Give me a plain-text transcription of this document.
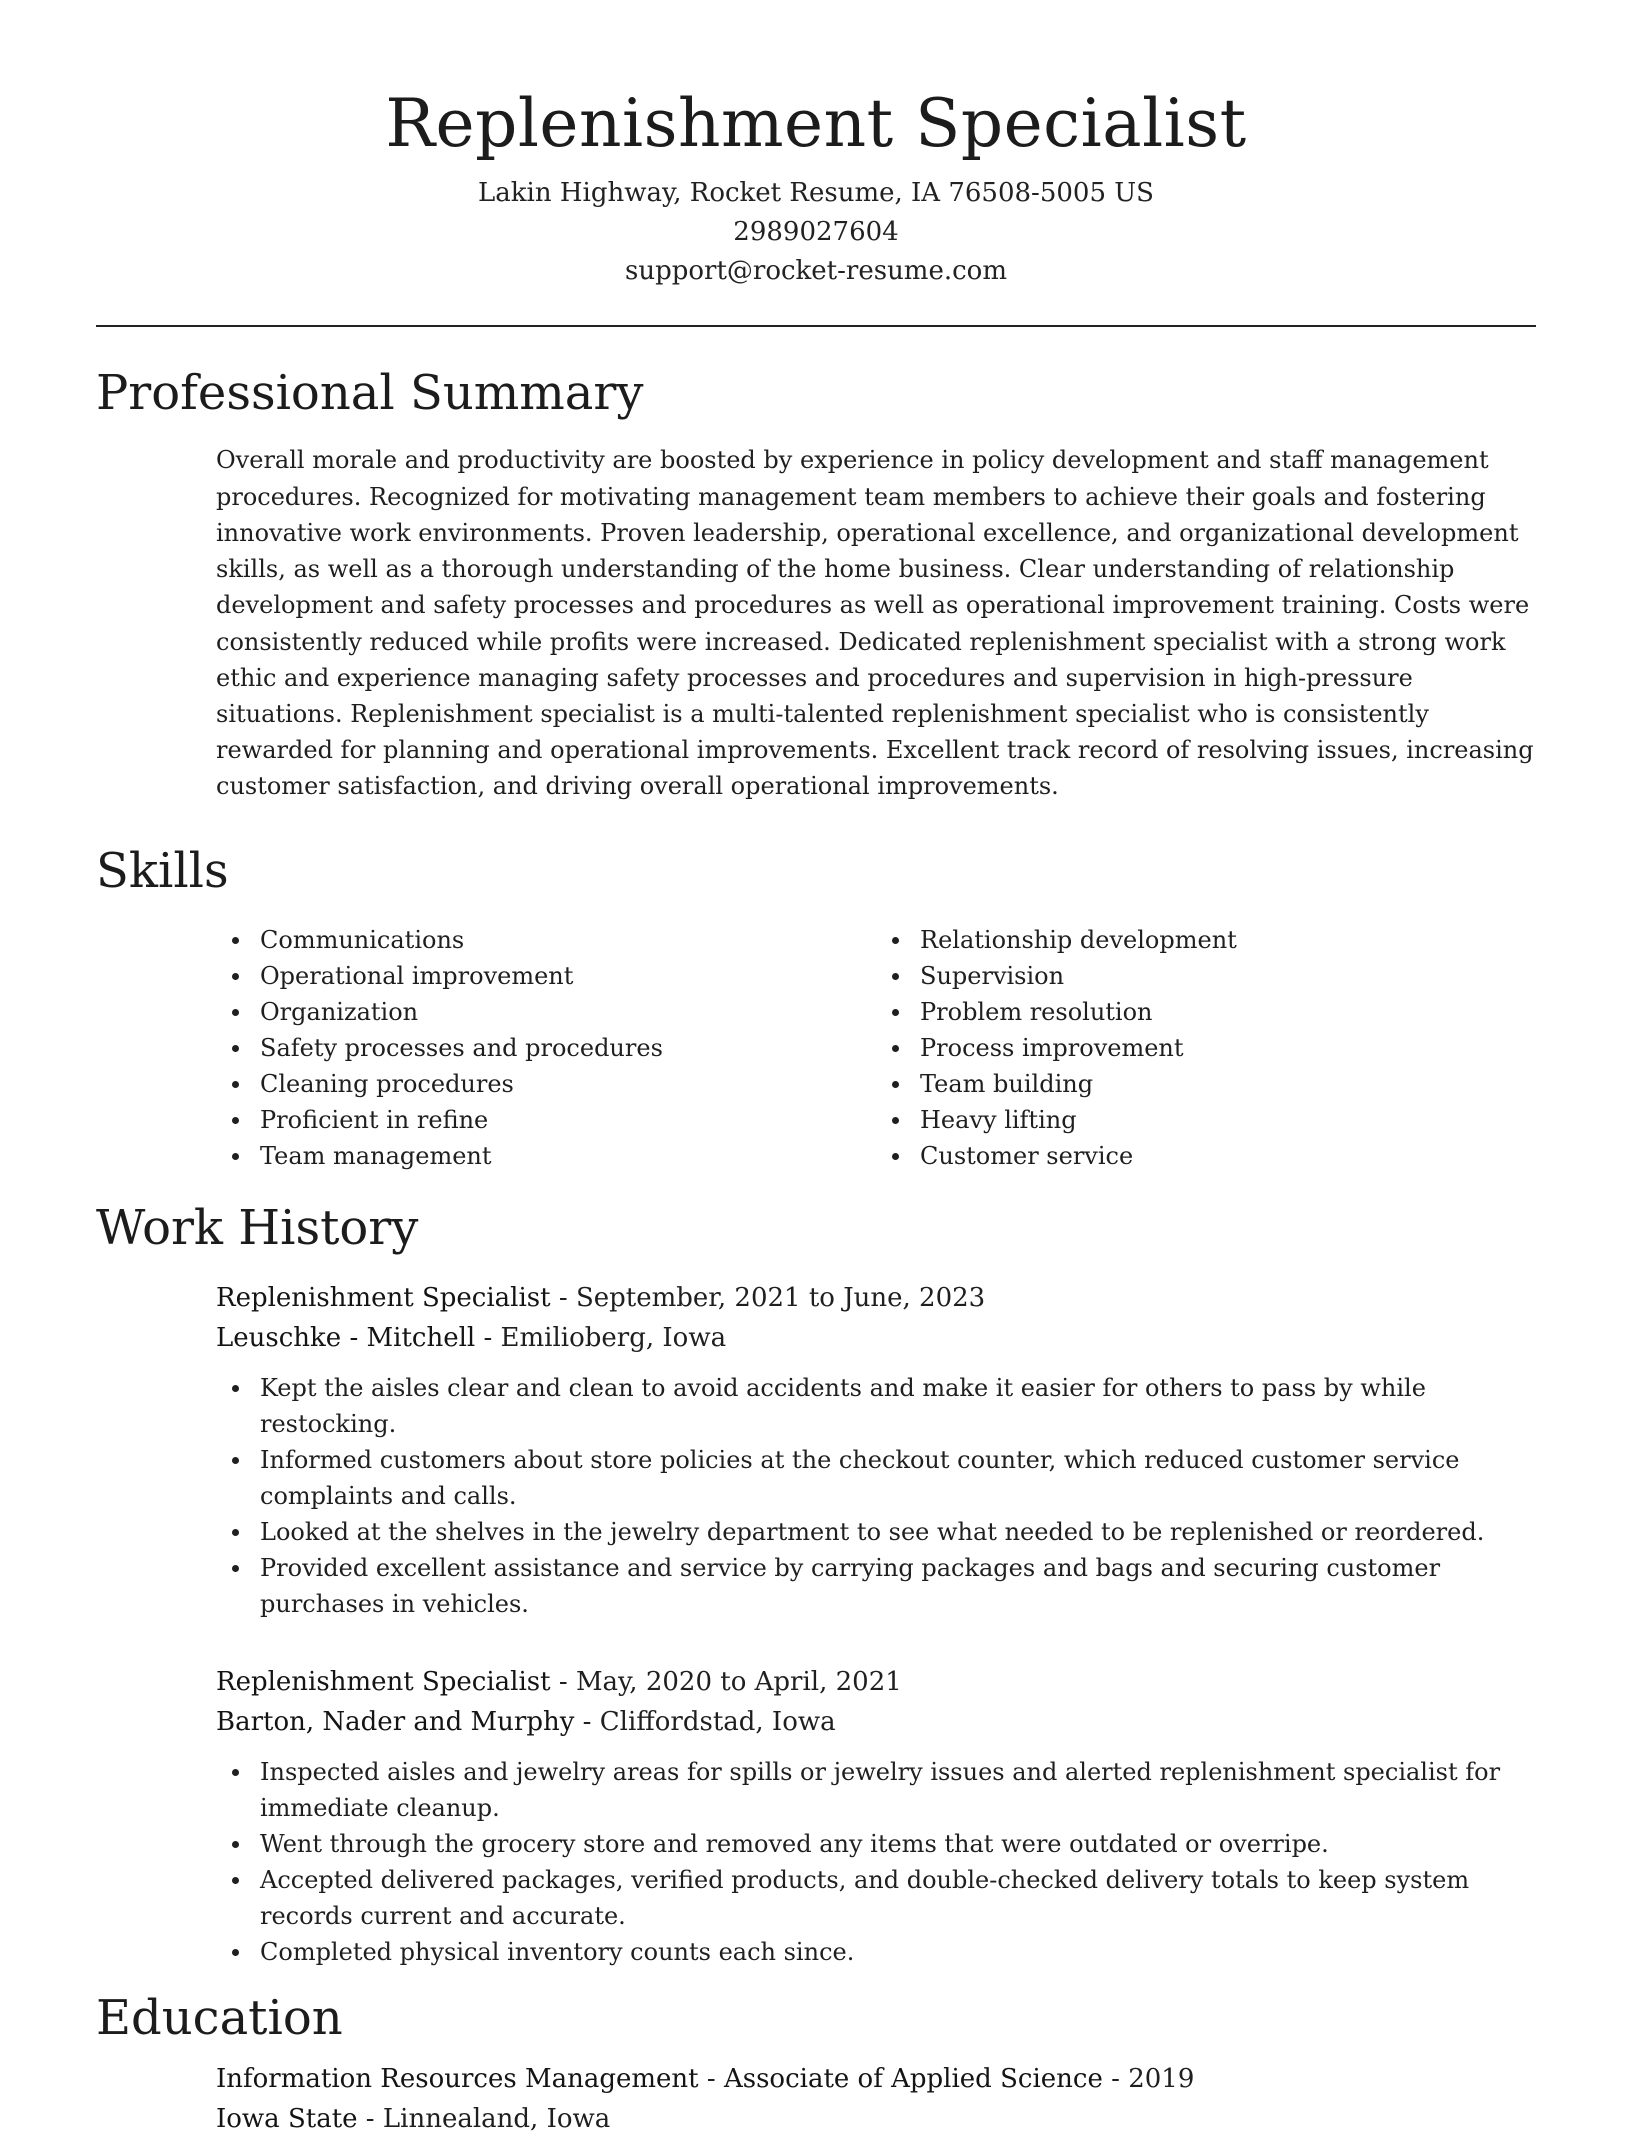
Replenishment Specialist
Lakin Highway, Rocket Resume, IA 76508-5005 US
2989027604
support@rocket-resume.com
Professional Summary
Overall morale and productivity are boosted by experience in policy development and staff management procedures. Recognized for motivating management team members to achieve their goals and fostering innovative work environments. Proven leadership, operational excellence, and organizational development skills, as well as a thorough understanding of the home business. Clear understanding of relationship development and safety processes and procedures as well as operational improvement training. Costs were consistently reduced while profits were increased. Dedicated replenishment specialist with a strong work ethic and experience managing safety processes and procedures and supervision in high-pressure situations. Replenishment specialist is a multi-talented replenishment specialist who is consistently rewarded for planning and operational improvements. Excellent track record of resolving issues, increasing customer satisfaction, and driving overall operational improvements.
Skills
Communications
Operational improvement
Organization
Safety processes and procedures
Cleaning procedures
Proficient in refine
Team management
Relationship development
Supervision
Problem resolution
Process improvement
Team building
Heavy lifting
Customer service
Work History
Replenishment Specialist - September, 2021 to June, 2023
Leuschke - Mitchell - Emilioberg, Iowa
Kept the aisles clear and clean to avoid accidents and make it easier for others to pass by while restocking.
Informed customers about store policies at the checkout counter, which reduced customer service complaints and calls.
Looked at the shelves in the jewelry department to see what needed to be replenished or reordered.
Provided excellent assistance and service by carrying packages and bags and securing customer purchases in vehicles.
Replenishment Specialist - May, 2020 to April, 2021
Barton, Nader and Murphy - Cliffordstad, Iowa
Inspected aisles and jewelry areas for spills or jewelry issues and alerted replenishment specialist for immediate cleanup.
Went through the grocery store and removed any items that were outdated or overripe.
Accepted delivered packages, verified products, and double-checked delivery totals to keep system records current and accurate.
Completed physical inventory counts each since.
Education
Information Resources Management - Associate of Applied Science - 2019
Iowa State - Linnealand, Iowa
